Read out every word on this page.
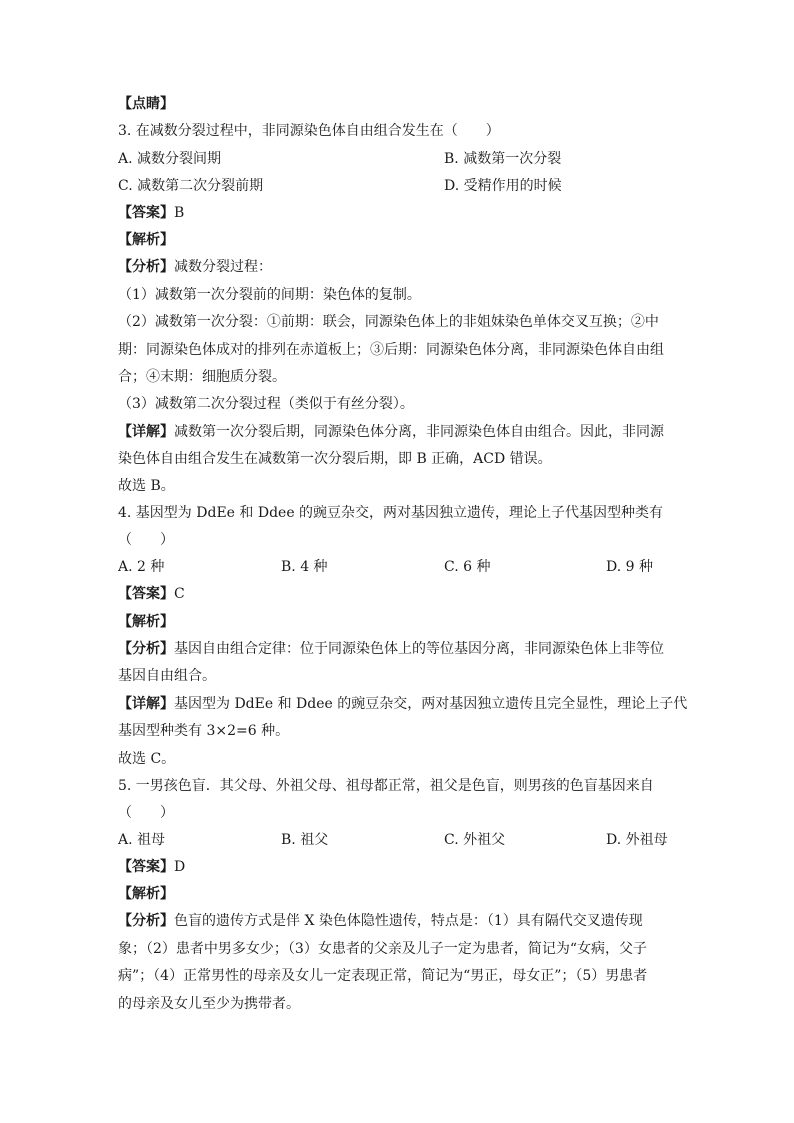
【点睛】
3. 在减数分裂过程中，非同源染色体自由组合发生在（　　）
A. 减数分裂间期	B. 减数第一次分裂
C. 减数第二次分裂前期	D. 受精作用的时候
【答案】B
【解析】
【分析】减数分裂过程：
（1）减数第一次分裂前的间期：染色体的复制。
（2）减数第一次分裂：①前期：联会，同源染色体上的非姐妹染色单体交叉互换；②中
期：同源染色体成对的排列在赤道板上；③后期：同源染色体分离，非同源染色体自由组
合；④末期：细胞质分裂。
（3）减数第二次分裂过程（类似于有丝分裂）。
【详解】减数第一次分裂后期，同源染色体分离，非同源染色体自由组合。因此，非同源
染色体自由组合发生在减数第一次分裂后期，即 B 正确，ACD 错误。
故选 B。
4. 基因型为 DdEe 和 Ddee 的豌豆杂交，两对基因独立遗传，理论上子代基因型种类有
（　　）
A. 2 种	B. 4 种	C. 6 种	D. 9 种
【答案】C
【解析】
【分析】基因自由组合定律：位于同源染色体上的等位基因分离，非同源染色体上非等位
基因自由组合。
【详解】基因型为 DdEe 和 Ddee 的豌豆杂交，两对基因独立遗传且完全显性，理论上子代
基因型种类有 3×2=6 种。
故选 C。
5. 一男孩色盲．其父母、外祖父母、祖母都正常，祖父是色盲，则男孩的色盲基因来自
（　　）
A. 祖母	B. 祖父	C. 外祖父	D. 外祖母
【答案】D
【解析】
【分析】色盲的遗传方式是伴 X 染色体隐性遗传，特点是：（1）具有隔代交叉遗传现
象；（2）患者中男多女少；（3）女患者的父亲及儿子一定为患者，简记为“女病，父子
病”；（4）正常男性的母亲及女儿一定表现正常，简记为“男正，母女正”；（5）男患者
的母亲及女儿至少为携带者。
